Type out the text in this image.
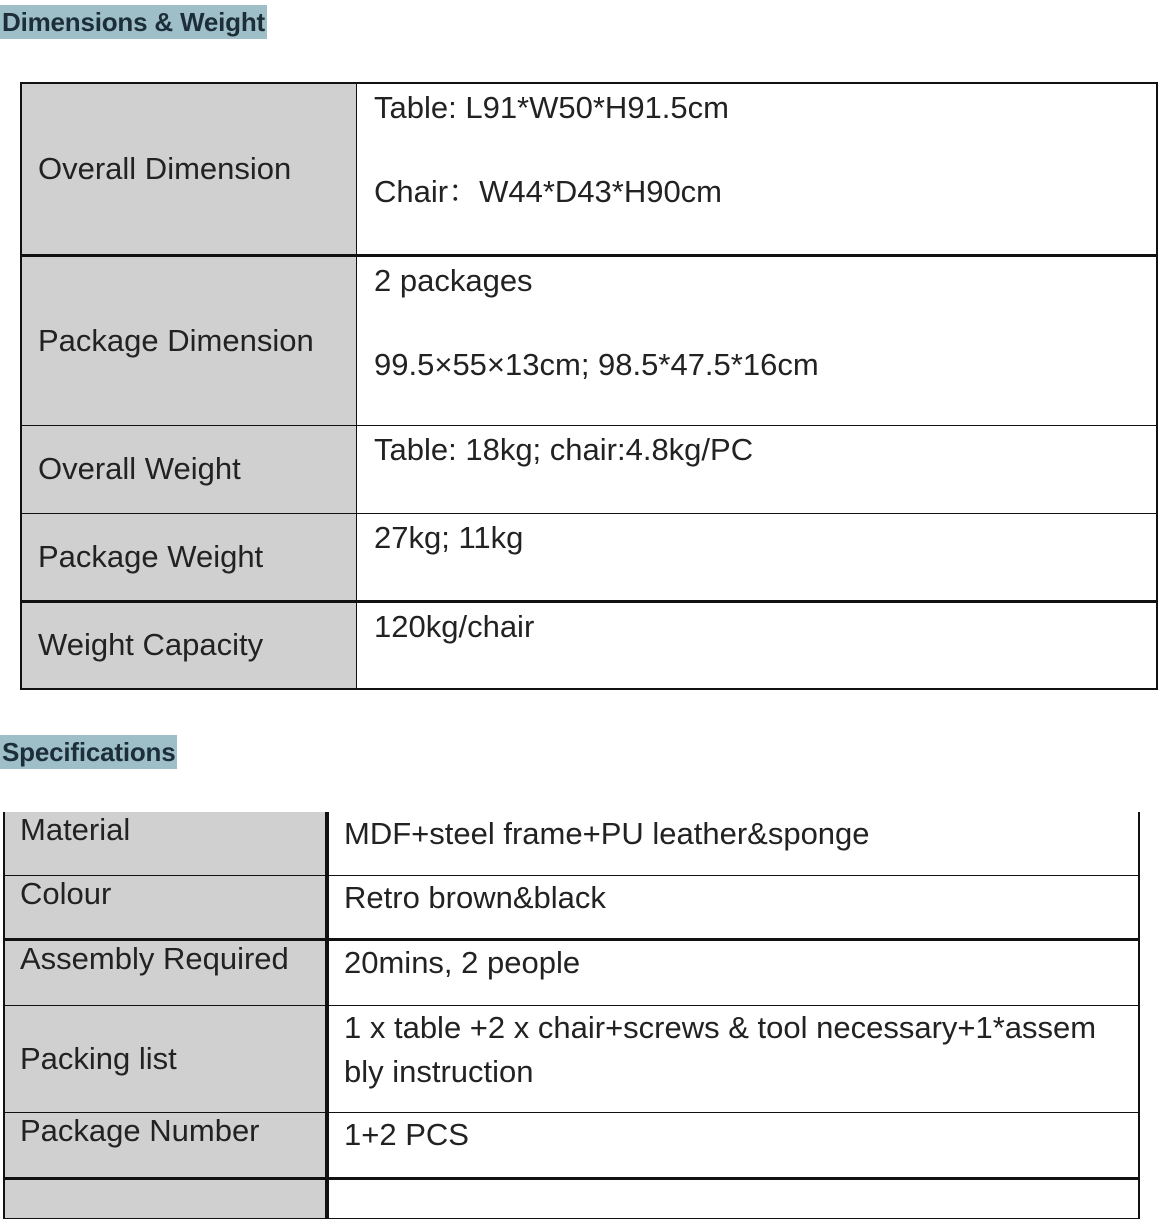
Dimensions & Weight
Overall Dimension	Table: L91*W50*H91.5cm
Chair：W44*D43*H90cm

Package Dimension	2 packages
99.5×55×13cm; 98.5*47.5*16cm

Overall Weight	Table: 18kg; chair:4.8kg/PC

Package Weight	27kg; 11kg

Weight Capacity	120kg/chair
Specifications
Material	MDF+steel frame+PU leather&sponge

Colour	Retro brown&black

Assembly Required	20mins, 2 people

Packing list	1 x table +2 x chair+screws & tool necessary+1*assem
bly instruction

Package Number	1+2 PCS
